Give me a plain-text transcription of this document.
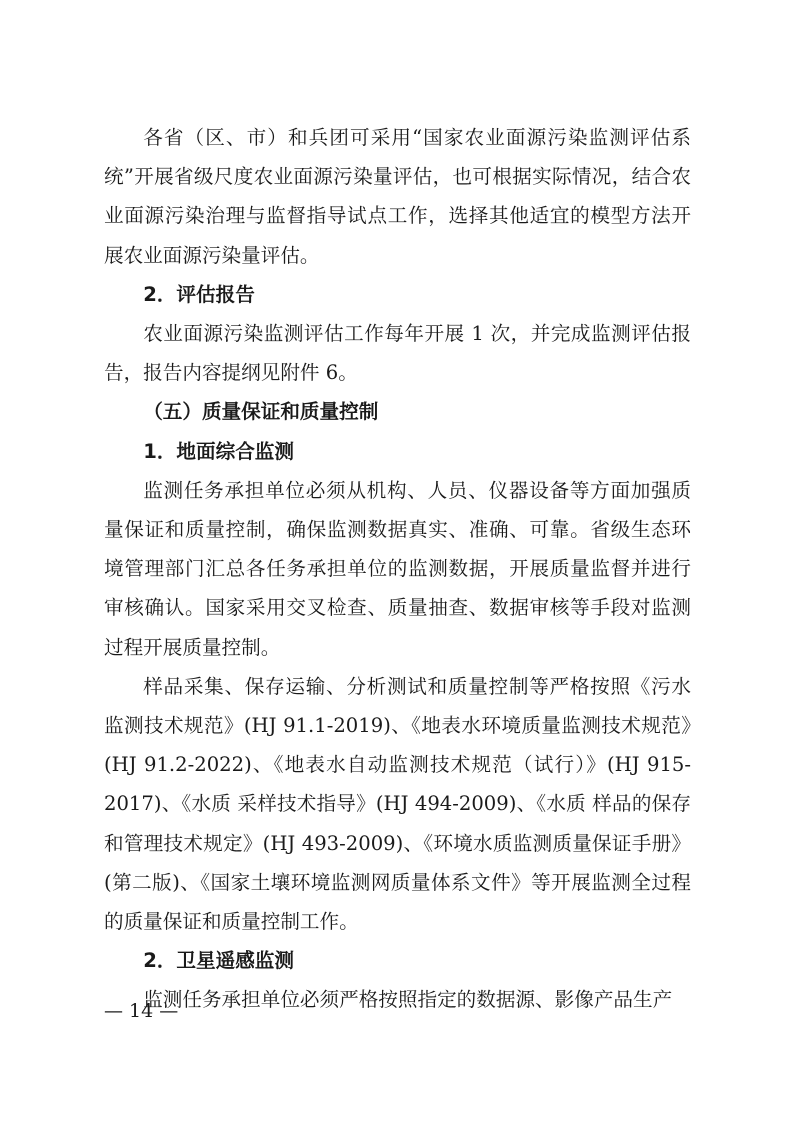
各省（区、市）和兵团可采用“国家农业面源污染监测评估系统”开展省级尺度农业面源污染量评估，也可根据实际情况，结合农业面源污染治理与监督指导试点工作，选择其他适宜的模型方法开展农业面源污染量评估。

2．评估报告

农业面源污染监测评估工作每年开展 1 次，并完成监测评估报告，报告内容提纲见附件 6。

（五）质量保证和质量控制

1．地面综合监测

监测任务承担单位必须从机构、人员、仪器设备等方面加强质量保证和质量控制，确保监测数据真实、准确、可靠。省级生态环境管理部门汇总各任务承担单位的监测数据，开展质量监督并进行审核确认。国家采用交叉检查、质量抽查、数据审核等手段对监测过程开展质量控制。

样品采集、保存运输、分析测试和质量控制等严格按照《污水监测技术规范》(HJ 91.1-2019)、《地表水环境质量监测技术规范》(HJ 91.2-2022)、《地表水自动监测技术规范（试行）》(HJ 915-2017)、《水质 采样技术指导》(HJ 494-2009)、《水质 样品的保存和管理技术规定》(HJ 493-2009)、《环境水质监测质量保证手册》(第二版)、《国家土壤环境监测网质量体系文件》等开展监测全过程的质量保证和质量控制工作。

2．卫星遥感监测

监测任务承担单位必须严格按照指定的数据源、影像产品生产

— 14 —
